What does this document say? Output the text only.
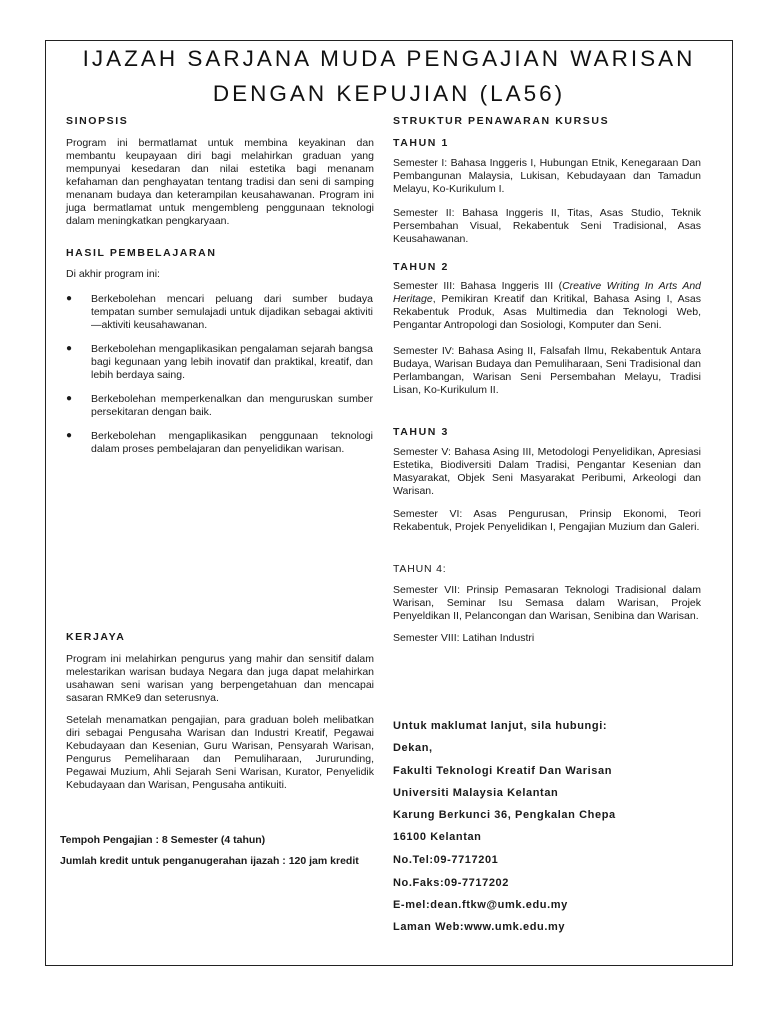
IJAZAH SARJANA MUDA PENGAJIAN WARISAN
DENGAN KEPUJIAN (LA56)
SINOPSIS
Program ini bermatlamat untuk membina keyakinan dan membantu keupayaan diri bagi melahirkan graduan yang mempunyai kesedaran dan nilai estetika bagi menanam kefahaman dan penghayatan tentang tradisi dan seni di samping menanam budaya dan keterampilan keusahawanan. Program ini juga bermatlamat untuk mengembleng penggunaan teknologi dalam meningkatkan pengkaryaan.
HASIL PEMBELAJARAN
Di akhir program ini:
● Berkebolehan mencari peluang dari sumber budaya tempatan sumber semulajadi untuk dijadikan sebagai aktiviti—aktiviti keusahawanan.
● Berkebolehan mengaplikasikan pengalaman sejarah bangsa bagi kegunaan yang lebih inovatif dan praktikal, kreatif, dan lebih berdaya saing.
● Berkebolehan memperkenalkan dan menguruskan sumber persekitaran dengan baik.
● Berkebolehan mengaplikasikan penggunaan teknologi dalam proses pembelajaran dan penyelidikan warisan.
KERJAYA
Program ini melahirkan pengurus yang mahir dan sensitif dalam melestarikan warisan budaya Negara dan juga dapat melahirkan usahawan seni warisan yang berpengetahuan dan mencapai sasaran RMKe9 dan seterusnya.
Setelah menamatkan pengajian, para graduan boleh melibatkan diri sebagai Pengusaha Warisan dan Industri Kreatif, Pegawai Kebudayaan dan Kesenian, Guru Warisan, Pensyarah Warisan, Pengurus Pemeliharaan dan Pemuliharaan, Jururunding, Pegawai Muzium, Ahli Sejarah Seni Warisan, Kurator, Penyelidik Kebudayaan dan Warisan, Pengusaha antikuiti.
Tempoh Pengajian : 8 Semester (4 tahun)
Jumlah kredit untuk penganugerahan ijazah : 120 jam kredit
STRUKTUR PENAWARAN KURSUS
TAHUN 1
Semester I: Bahasa Inggeris I, Hubungan Etnik, Kenegaraan Dan Pembangunan Malaysia, Lukisan, Kebudayaan dan Tamadun Melayu, Ko-Kurikulum I.
Semester II: Bahasa Inggeris II, Titas, Asas Studio, Teknik Persembahan Visual, Rekabentuk Seni Tradisional, Asas Keusahawanan.
TAHUN 2
Semester III: Bahasa Inggeris III (Creative Writing In Arts And Heritage, Pemikiran Kreatif dan Kritikal, Bahasa Asing I, Asas Rekabentuk Produk, Asas Multimedia dan Teknologi Web, Pengantar Antropologi dan Sosiologi, Komputer dan Seni.
Semester IV: Bahasa Asing II, Falsafah Ilmu, Rekabentuk Antara Budaya, Warisan Budaya dan Pemuliharaan, Seni Tradisional dan Perlambangan, Warisan Seni Persembahan Melayu, Tradisi Lisan, Ko-Kurikulum II.
TAHUN 3
Semester V: Bahasa Asing III, Metodologi Penyelidikan, Apresiasi Estetika, Biodiversiti Dalam Tradisi, Pengantar Kesenian dan Masyarakat, Objek Seni Masyarakat Peribumi, Arkeologi dan Warisan.
Semester VI: Asas Pengurusan, Prinsip Ekonomi, Teori Rekabentuk, Projek Penyelidikan I, Pengajian Muzium dan Galeri.
TAHUN 4:
Semester VII: Prinsip Pemasaran Teknologi Tradisional dalam Warisan, Seminar Isu Semasa dalam Warisan, Projek Penyeldikan II, Pelancongan dan Warisan, Senibina dan Warisan.
Semester VIII: Latihan Industri
Untuk maklumat lanjut, sila hubungi:
Dekan,
Fakulti Teknologi Kreatif Dan Warisan
Universiti Malaysia Kelantan
Karung Berkunci 36, Pengkalan Chepa
16100 Kelantan
No.Tel:09-7717201
No.Faks:09-7717202
E-mel:dean.ftkw@umk.edu.my
Laman Web:www.umk.edu.my
